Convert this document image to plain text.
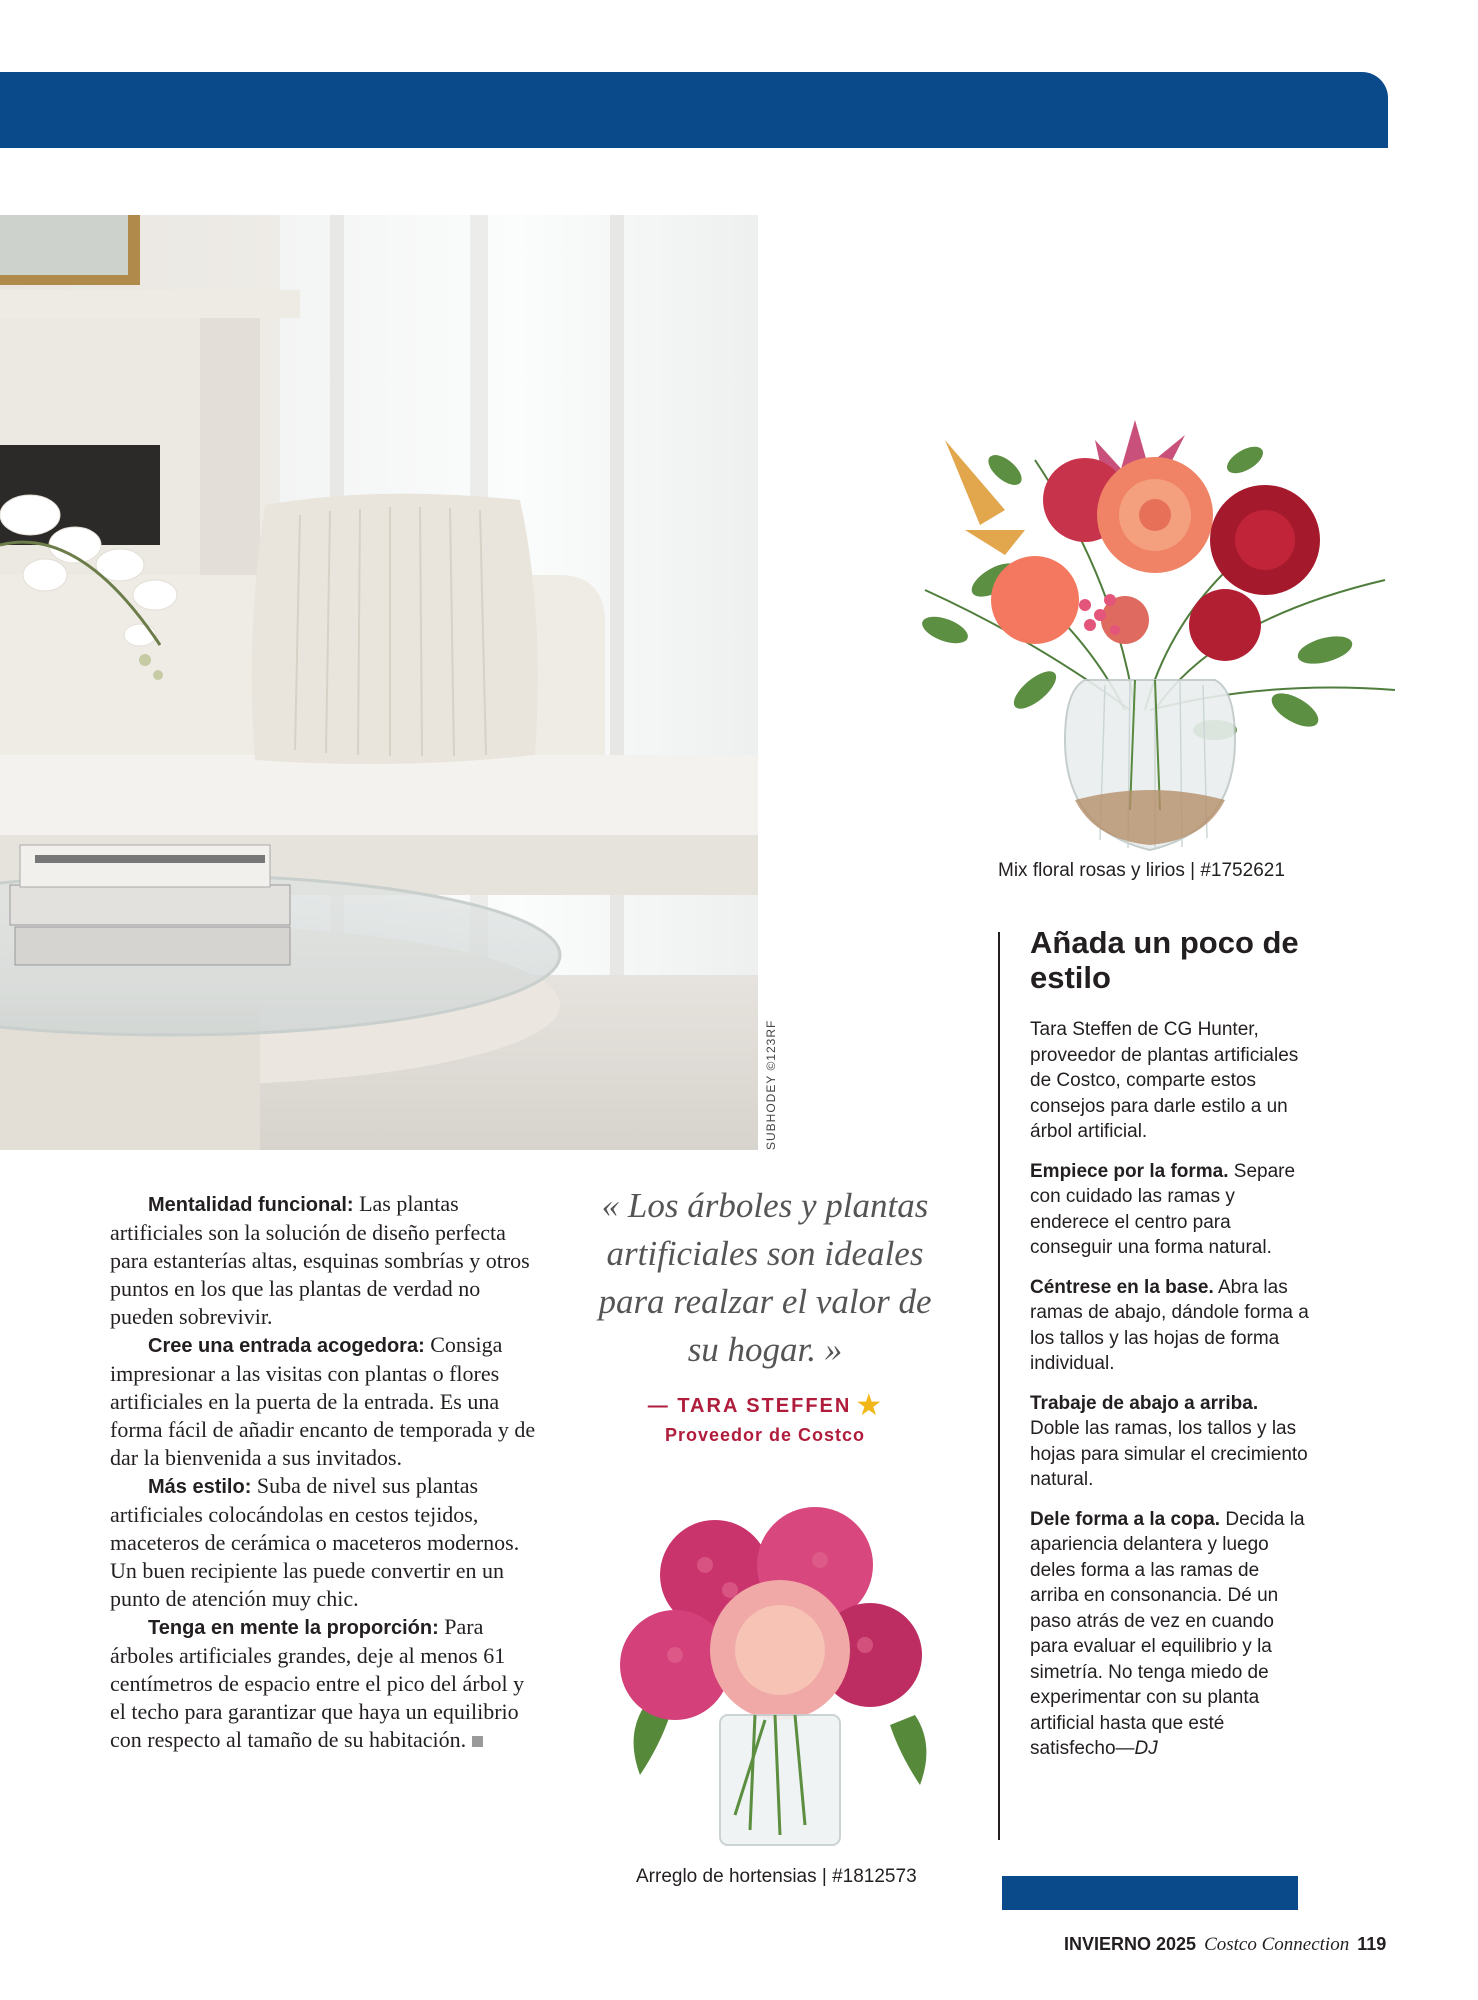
SUBHODEY ©123RF
Mix floral rosas y lirios | #1752621
Arreglo de hortensias | #1812573

Mentalidad funcional: Las plantas artificiales son la solución de diseño perfecta para estanterías altas, esquinas sombrías y otros puntos en los que las plantas de verdad no pueden sobrevivir.

Cree una entrada acogedora: Consiga impresionar a las visitas con plantas o flores artificiales en la puerta de la entrada. Es una forma fácil de añadir encanto de temporada y de dar la bienvenida a sus invitados.

Más estilo: Suba de nivel sus plantas artificiales colocándolas en cestos tejidos, maceteros de cerámica o maceteros modernos. Un buen recipiente las puede convertir en un punto de atención muy chic.

Tenga en mente la proporción: Para árboles artificiales grandes, deje al menos 61 centímetros de espacio entre el pico del árbol y el techo para garantizar que haya un equilibrio con respecto al tamaño de su habitación.

« Los árboles y plantas artificiales son ideales para realzar el valor de su hogar. »
— TARA STEFFEN ★
Proveedor de Costco
Añada un poco de estilo

Tara Steffen de CG Hunter, proveedor de plantas artificiales de Costco, comparte estos consejos para darle estilo a un árbol artificial.

Empiece por la forma. Separe con cuidado las ramas y enderece el centro para conseguir una forma natural.

Céntrese en la base. Abra las ramas de abajo, dándole forma a los tallos y las hojas de forma individual.

Trabaje de abajo a arriba. Doble las ramas, los tallos y las hojas para simular el crecimiento natural.

Dele forma a la copa. Decida la apariencia delantera y luego deles forma a las ramas de arriba en consonancia. Dé un paso atrás de vez en cuando para evaluar el equilibrio y la simetría. No tenga miedo de experimentar con su planta artificial hasta que esté satisfecho—DJ

INVIERNO 2025 Costco Connection 119
